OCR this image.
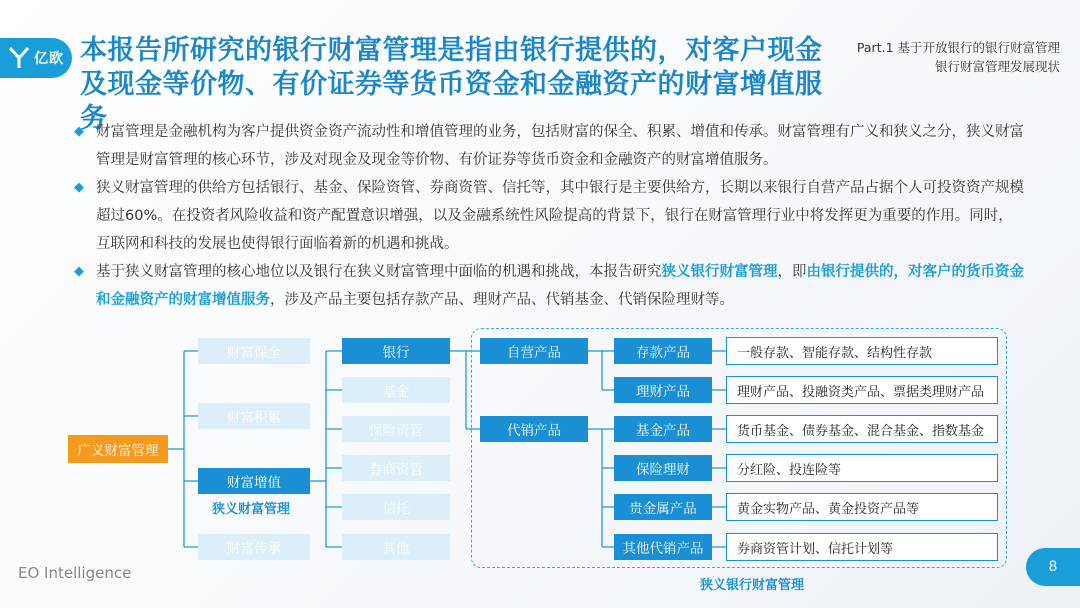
亿欧 本报告所研究的银行财富管理是指由银行提供的，对客户现金及现金等价物、有价证券等货币资金和金融资产的财富增值服务
Part.1 基于开放银行的银行财富管理
银行财富管理发展现状
◆ 财富管理是金融机构为客户提供资金资产流动性和增值管理的业务，包括财富的保全、积累、增值和传承。财富管理有广义和狭义之分，狭义财富管理是财富管理的核心环节，涉及对现金及现金等价物、有价证券等货币资金和金融资产的财富增值服务。
◆ 狭义财富管理的供给方包括银行、基金、保险资管、券商资管、信托等，其中银行是主要供给方，长期以来银行自营产品占据个人可投资资产规模超过60%。在投资者风险收益和资产配置意识增强，以及金融系统性风险提高的背景下，银行在财富管理行业中将发挥更为重要的作用。同时，互联网和科技的发展也使得银行面临着新的机遇和挑战。
◆ 基于狭义财富管理的核心地位以及银行在狭义财富管理中面临的机遇和挑战，本报告研究狭义银行财富管理，即由银行提供的，对客户的货币资金和金融资产的财富增值服务，涉及产品主要包括存款产品、理财产品、代销基金、代销保险理财等。
广义财富管理
财富保全
财富积累
财富增值
狭义财富管理
财富传承
银行
基金
保险资管
券商资管
信托
其他
自营产品
代销产品
存款产品
理财产品
基金产品
保险理财
贵金属产品
其他代销产品
一般存款、智能存款、结构性存款
理财产品、投融资类产品、票据类理财产品
货币基金、债券基金、混合基金、指数基金
分红险、投连险等
黄金实物产品、黄金投资产品等
券商资管计划、信托计划等
狭义银行财富管理
EO Intelligence	8
